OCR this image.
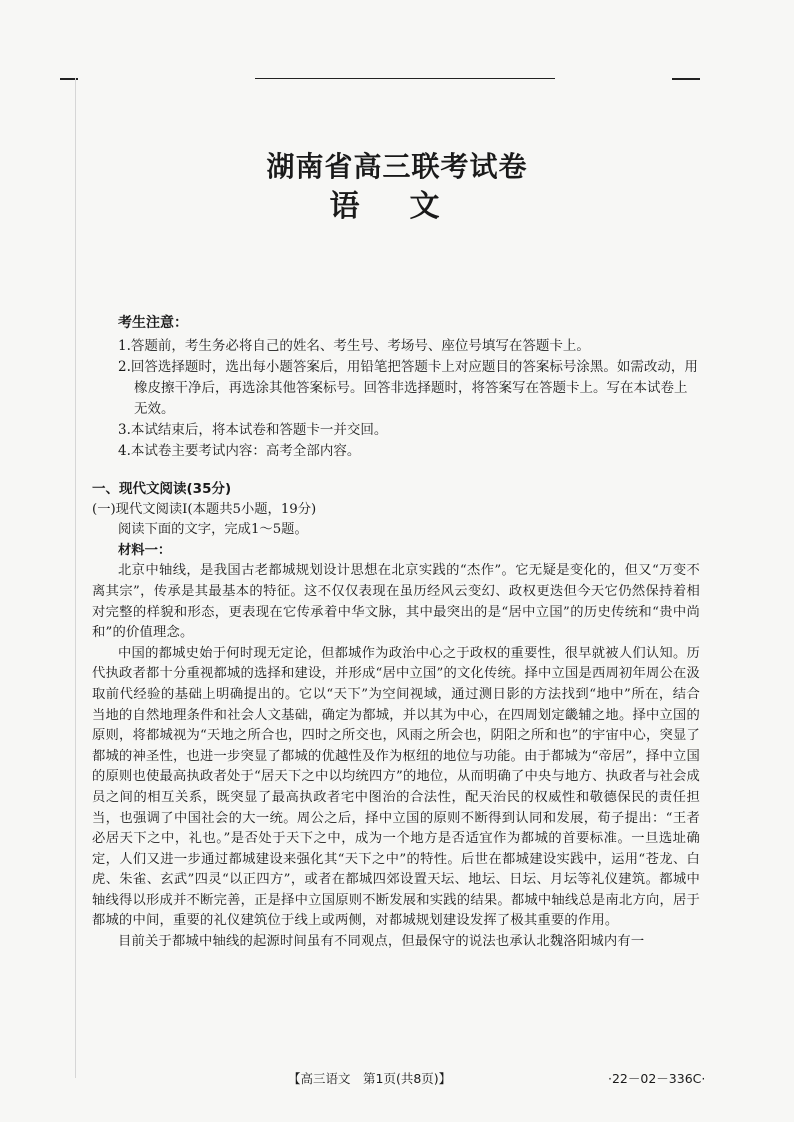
湖南省高三联考试卷
语文
考生注意：
1.答题前，考生务必将自己的姓名、考生号、考场号、座位号填写在答题卡上。
2.回答选择题时，选出每小题答案后，用铅笔把答题卡上对应题目的答案标号涂黑。如需改动，用橡皮擦干净后，再选涂其他答案标号。回答非选择题时，将答案写在答题卡上。写在本试卷上无效。
3.本试结束后，将本试卷和答题卡一并交回。
4.本试卷主要考试内容：高考全部内容。
一、现代文阅读(35分)
(一)现代文阅读Ⅰ(本题共5小题，19分)
阅读下面的文字，完成1～5题。
材料一：
北京中轴线，是我国古老都城规划设计思想在北京实践的“杰作”。它无疑是变化的，但又“万变不离其宗”，传承是其最基本的特征。这不仅仅表现在虽历经风云变幻、政权更迭但今天它仍然保持着相对完整的样貌和形态，更表现在它传承着中华文脉，其中最突出的是“居中立国”的历史传统和“贵中尚和”的价值理念。
中国的都城史始于何时现无定论，但都城作为政治中心之于政权的重要性，很早就被人们认知。历代执政者都十分重视都城的选择和建设，并形成“居中立国”的文化传统。择中立国是西周初年周公在汲取前代经验的基础上明确提出的。它以“天下”为空间视域，通过测日影的方法找到“地中”所在，结合当地的自然地理条件和社会人文基础，确定为都城，并以其为中心，在四周划定畿辅之地。择中立国的原则，将都城视为“天地之所合也，四时之所交也，风雨之所会也，阴阳之所和也”的宇宙中心，突显了都城的神圣性，也进一步突显了都城的优越性及作为枢纽的地位与功能。由于都城为“帝居”，择中立国的原则也使最高执政者处于“居天下之中以均统四方”的地位，从而明确了中央与地方、执政者与社会成员之间的相互关系，既突显了最高执政者宅中图治的合法性，配天治民的权威性和敬德保民的责任担当，也强调了中国社会的大一统。周公之后，择中立国的原则不断得到认同和发展，荀子提出：“王者必居天下之中，礼也。”是否处于天下之中，成为一个地方是否适宜作为都城的首要标准。一旦选址确定，人们又进一步通过都城建设来强化其“天下之中”的特性。后世在都城建设实践中，运用“苍龙、白虎、朱雀、玄武”四灵“以正四方”，或者在都城四郊设置天坛、地坛、日坛、月坛等礼仪建筑。都城中轴线得以形成并不断完善，正是择中立国原则不断发展和实践的结果。都城中轴线总是南北方向，居于都城的中间，重要的礼仪建筑位于线上或两侧，对都城规划建设发挥了极其重要的作用。
目前关于都城中轴线的起源时间虽有不同观点，但最保守的说法也承认北魏洛阳城内有一
【高三语文　第1页(共8页)】	·22－02－336C·
